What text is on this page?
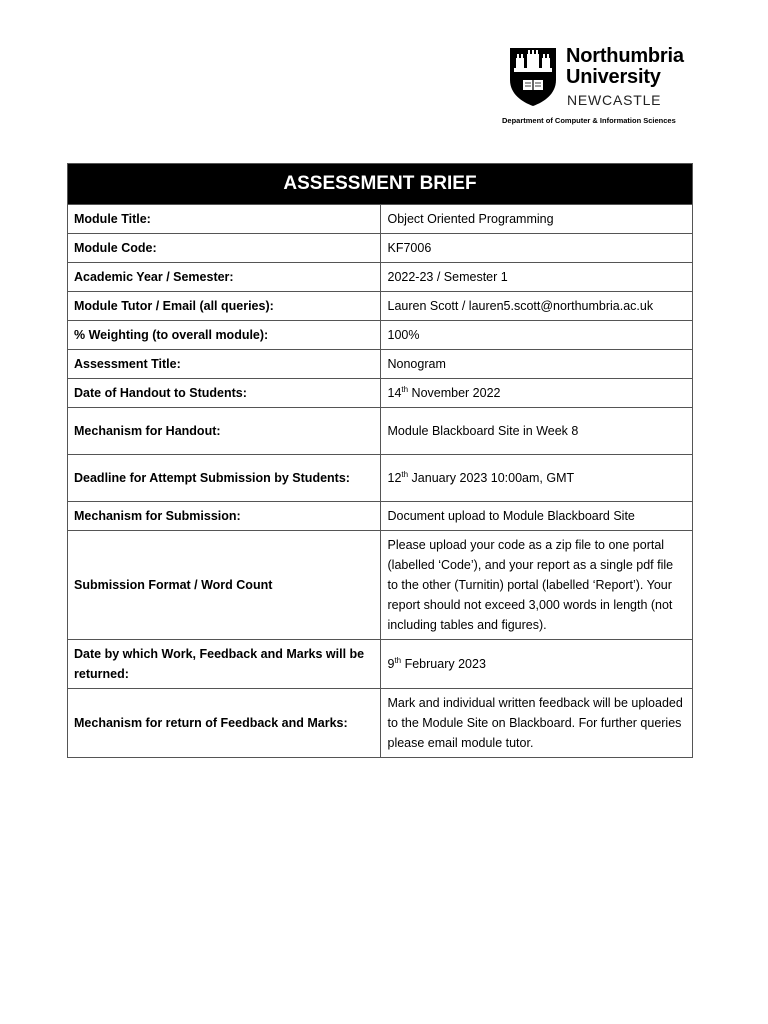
Northumbria
University
NEWCASTLE
Department of Computer & Information Sciences
ASSESSMENT BRIEF	
Module Title:	Object Oriented Programming
Module Code:	KF7006
Academic Year / Semester:	2022-23 / Semester 1
Module Tutor / Email (all queries):	Lauren Scott / lauren5.scott@northumbria.ac.uk
% Weighting (to overall module):	100%
Assessment Title:	Nonogram
Date of Handout to Students:	14th November 2022
Mechanism for Handout:	Module Blackboard Site in Week 8
Deadline for Attempt Submission by Students:	12th January 2023 10:00am, GMT
Mechanism for Submission:	Document upload to Module Blackboard Site
Submission Format / Word Count	Please upload your code as a zip file to one portal (labelled ‘Code’), and your report as a single pdf file to the other (Turnitin) portal (labelled ‘Report’). Your report should not exceed 3,000 words in length (not including tables and figures).
Date by which Work, Feedback and Marks will be returned:	9th February 2023
Mechanism for return of Feedback and Marks:	Mark and individual written feedback will be uploaded to the Module Site on Blackboard. For further queries please email module tutor.
